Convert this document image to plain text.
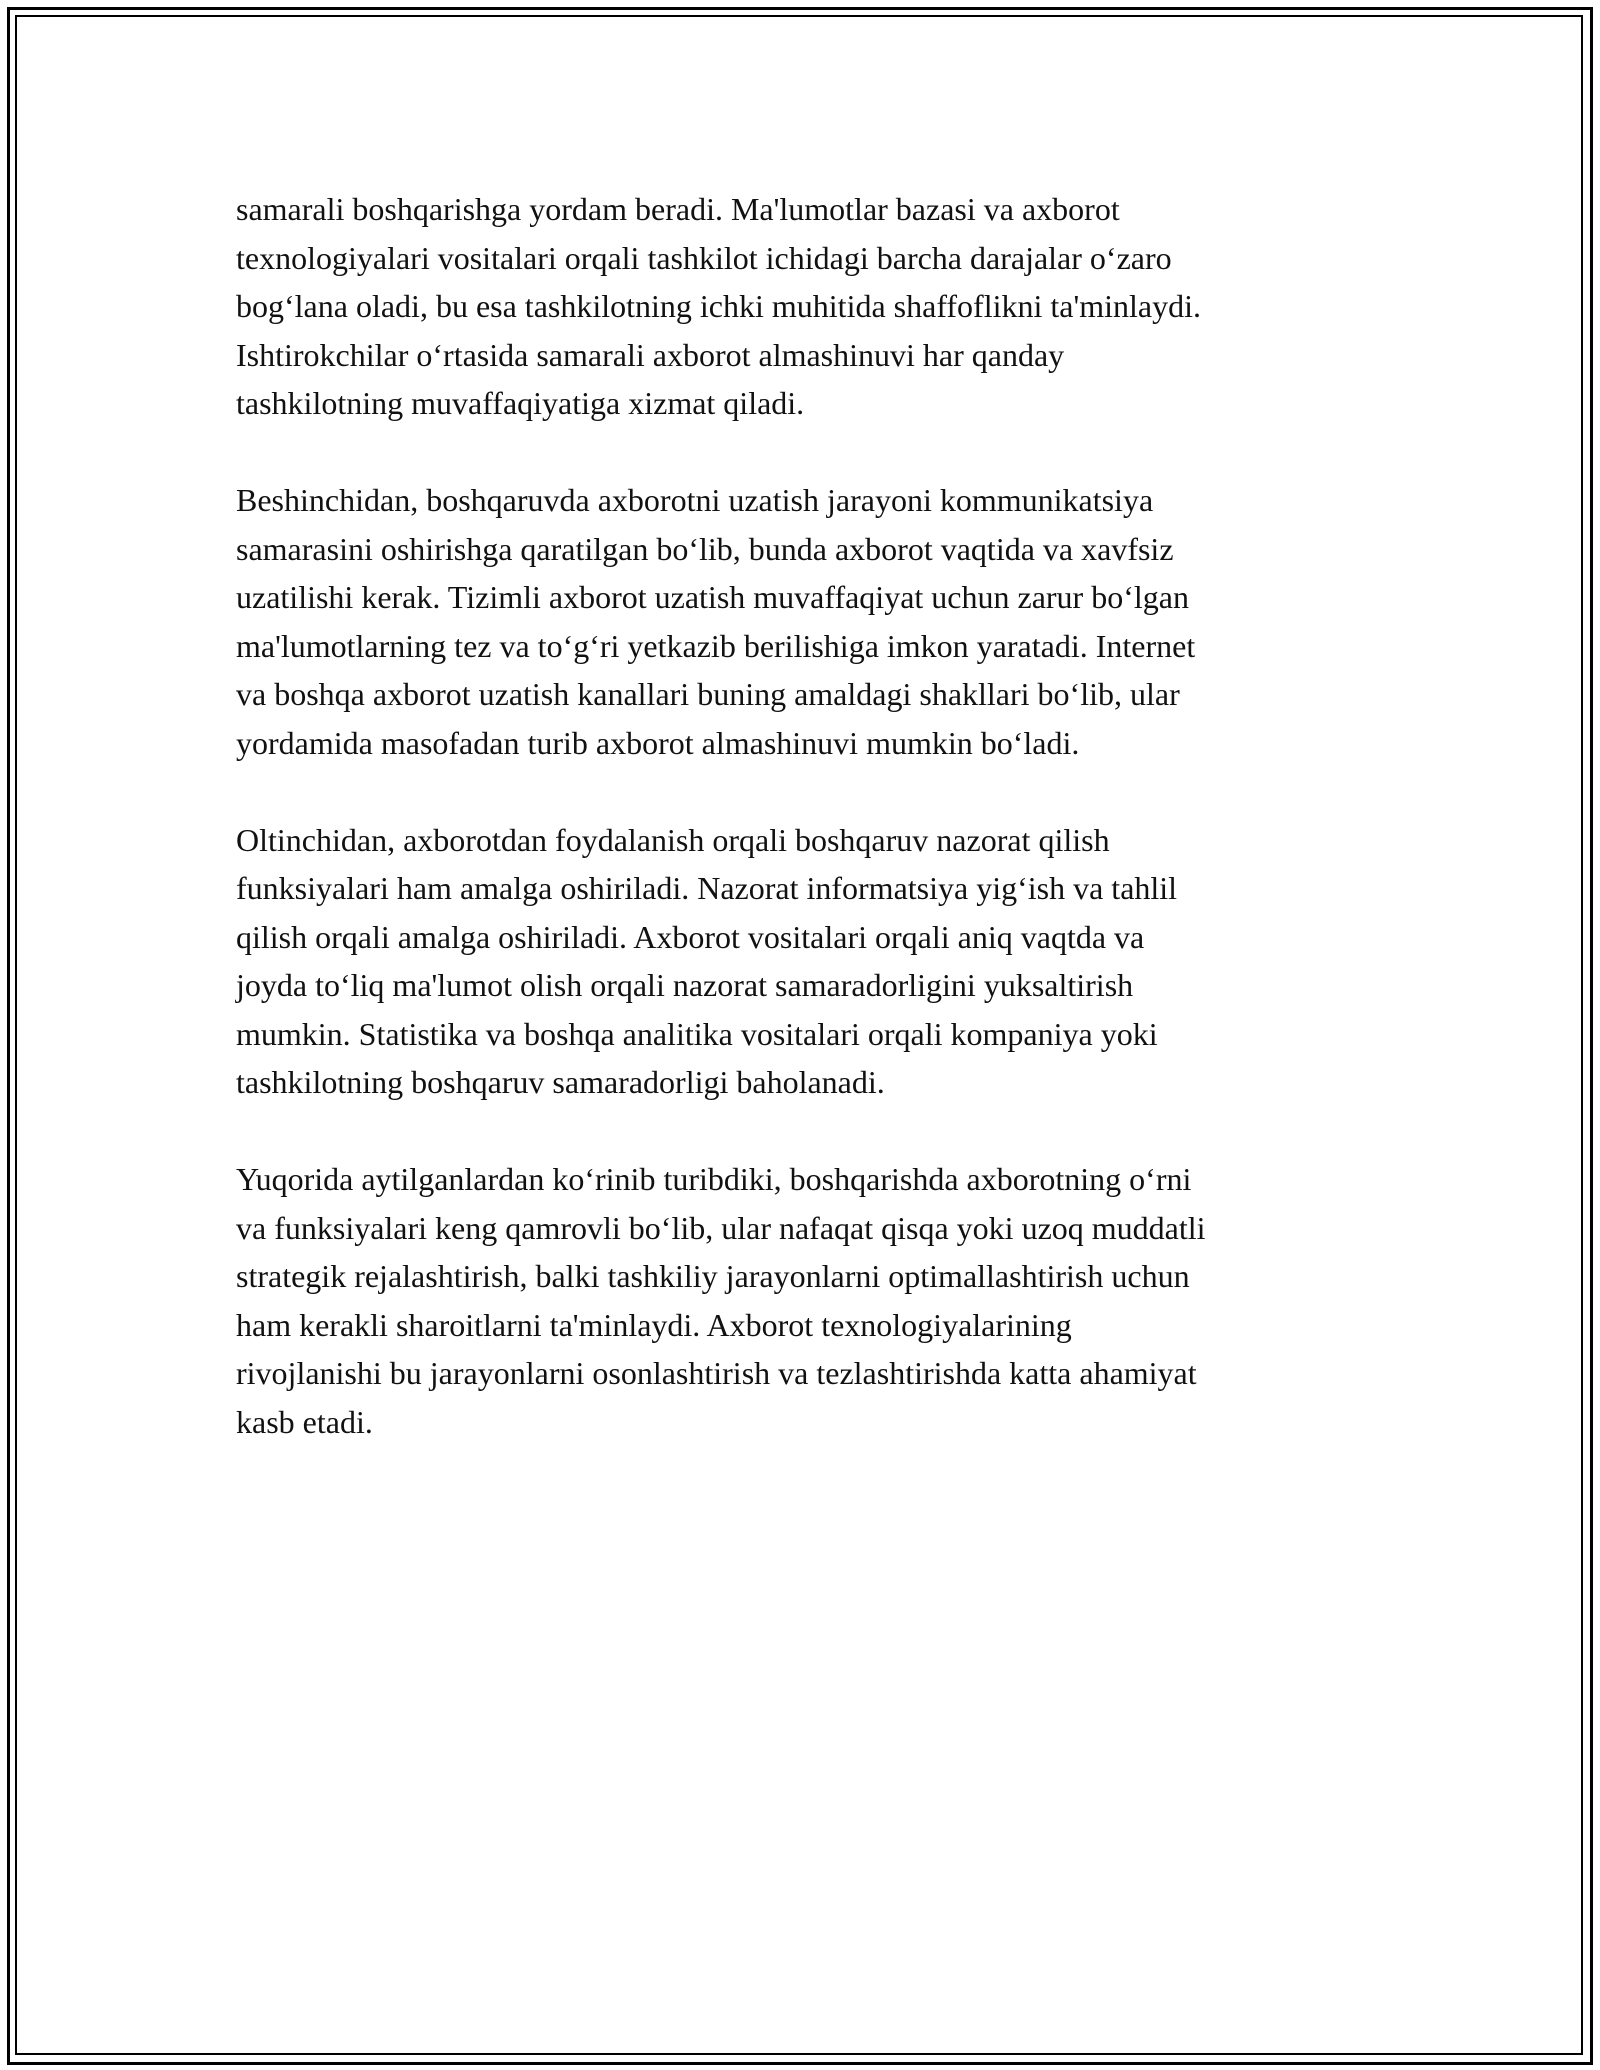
samarali boshqarishga yordam beradi. Ma'lumotlar bazasi va axborot
texnologiyalari vositalari orqali tashkilot ichidagi barcha darajalar o‘zaro
bog‘lana oladi, bu esa tashkilotning ichki muhitida shaffoflikni ta'minlaydi.
Ishtirokchilar o‘rtasida samarali axborot almashinuvi har qanday
tashkilotning muvaffaqiyatiga xizmat qiladi.

Beshinchidan, boshqaruvda axborotni uzatish jarayoni kommunikatsiya
samarasini oshirishga qaratilgan bo‘lib, bunda axborot vaqtida va xavfsiz
uzatilishi kerak. Tizimli axborot uzatish muvaffaqiyat uchun zarur bo‘lgan
ma'lumotlarning tez va to‘g‘ri yetkazib berilishiga imkon yaratadi. Internet
va boshqa axborot uzatish kanallari buning amaldagi shakllari bo‘lib, ular
yordamida masofadan turib axborot almashinuvi mumkin bo‘ladi.

Oltinchidan, axborotdan foydalanish orqali boshqaruv nazorat qilish
funksiyalari ham amalga oshiriladi. Nazorat informatsiya yig‘ish va tahlil
qilish orqali amalga oshiriladi. Axborot vositalari orqali aniq vaqtda va
joyda to‘liq ma'lumot olish orqali nazorat samaradorligini yuksaltirish
mumkin. Statistika va boshqa analitika vositalari orqali kompaniya yoki
tashkilotning boshqaruv samaradorligi baholanadi.

Yuqorida aytilganlardan ko‘rinib turibdiki, boshqarishda axborotning o‘rni
va funksiyalari keng qamrovli bo‘lib, ular nafaqat qisqa yoki uzoq muddatli
strategik rejalashtirish, balki tashkiliy jarayonlarni optimallashtirish uchun
ham kerakli sharoitlarni ta'minlaydi. Axborot texnologiyalarining
rivojlanishi bu jarayonlarni osonlashtirish va tezlashtirishda katta ahamiyat
kasb etadi.
